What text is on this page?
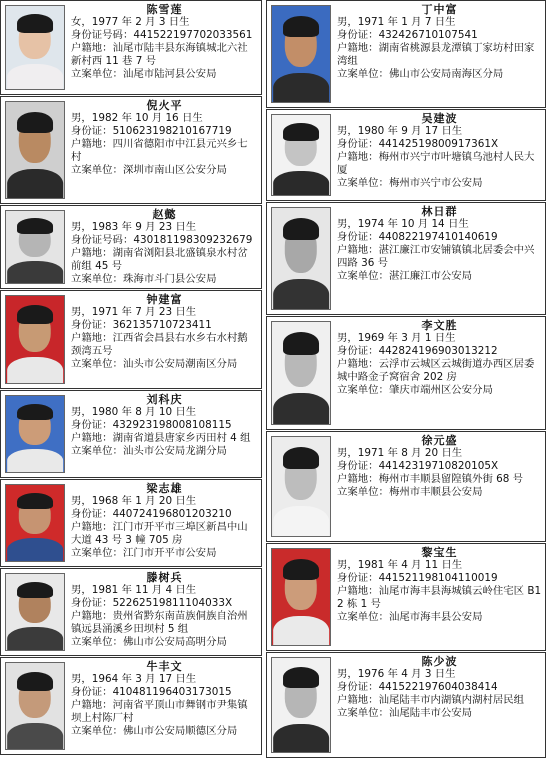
陈雪莲
女，1977 年 2 月 3 日生
身份证号码：441522197702033561
户籍地：汕尾市陆丰县东海镇城北六社新村西 11 巷 7 号
立案单位：汕尾市陆河县公安局
倪火平
男，1982 年 10 月 16 日生
身份证：510623198210167719
户籍地：四川省德阳市中江县元兴乡七村
立案单位：深圳市南山区公安分局
赵懿
男，1983 年 9 月 23 日生
身份证号码：430181198309232679
户籍地：湖南省浏阳县北盛镇泉水村岔前组 45 号
立案单位：珠海市斗门县公安局
钟建富
男，1971 年 7 月 23 日生
身份证：362135710723411
户籍地：江西省会昌县右水乡右水村鹅颈湾五号
立案单位：汕头市公安局潮南区分局
刘科庆
男，1980 年 8 月 10 日生
身份证：432923198008108115
户籍地：湖南省道县唐家乡丙田村 4 组
立案单位：汕头市公安局龙湖分局
梁志雄
男，1968 年 1 月 20 日生
身份证：440724196801203210
户籍地：江门市开平市三埠区新昌中山大道 43 号 3 幢 705 房
立案单位：江门市开平市公安局
滕树兵
男，1981 年 11 月 4 日生
身份证：52262519811104033X
户籍地：贵州省黔东南苗族侗族自治州镇远县涌溪乡田坝村 5 组
立案单位：佛山市公安局高明分局
牛丰文
男，1964 年 3 月 17 日生
身份证：410481196403173015
户籍地：河南省平顶山市舞钢市尹集镇坝上村陈厂村
立案单位：佛山市公安局顺德区分局
丁中富
男，1971 年 1 月 7 日生
身份证：432426710107541
户籍地：湖南省桃源县龙潭镇丁家坊村田家湾组
立案单位：佛山市公安局南海区分局
吴建波
男，1980 年 9 月 17 日生
身份证：44142519800917361X
户籍地：梅州市兴宁市叶塘镇乌池村人民大厦
立案单位：梅州市兴宁市公安局
林日群
男，1974 年 10 月 14 日生
身份证：440822197410140619
户籍地：湛江廉江市安铺镇镇北居委会中兴四路 36 号
立案单位：湛江廉江市公安局
李文胜
男，1969 年 3 月 1 日生
身份证：442824196903013212
户籍地：云浮市云城区云城街道办西区居委城中路金子窝宿舍 202 房
立案单位：肇庆市端州区公安分局
徐元盛
男，1971 年 8 月 20 日生
身份证：44142319710820105X
户籍地：梅州市丰顺县留隍镇外街 68 号
立案单位：梅州市丰顺县公安局
黎宝生
男，1981 年 4 月 11 日生
身份证：441521198104110019
户籍地：汕尾市海丰县海城镇云岭住宅区 B12 栋 1 号
立案单位：汕尾市海丰县公安局
陈少波
男，1976 年 4 月 3 日生
身份证：441522197604038414
户籍地：汕尾陆丰市内湖镇内湖村居民组
立案单位：汕尾陆丰市公安局
